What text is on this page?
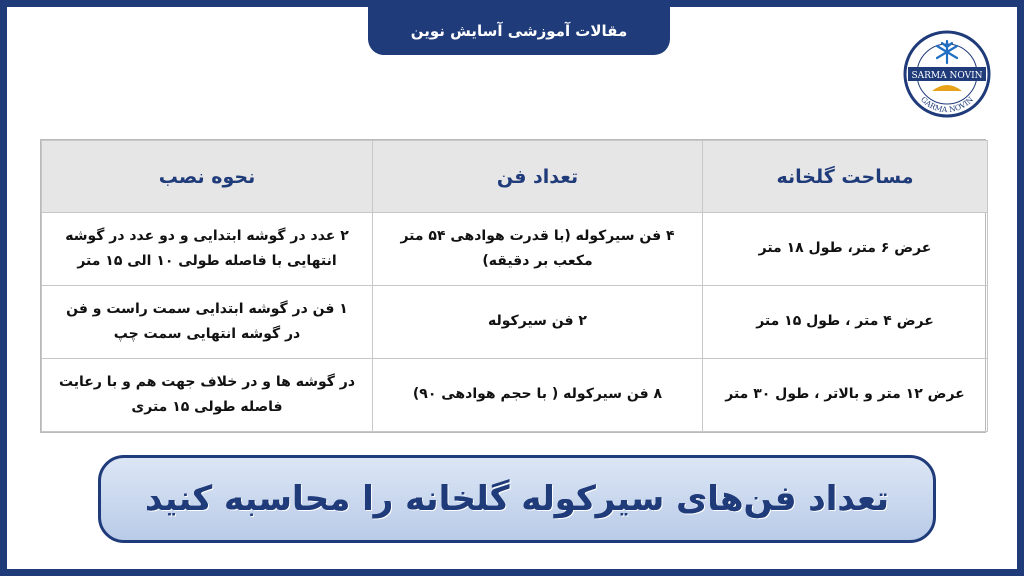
مقالات آموزشی آسایش نوین
SARMA NOVIN
GARMA NOVIN
مساحت گلخانه	تعداد فن	نحوه نصب
عرض ۶ متر، طول ۱۸ متر	۴ فن سیرکوله (با قدرت هوادهی ۵۴ متر مکعب بر دقیقه)	۲ عدد در گوشه ابتدایی و دو عدد در گوشه انتهایی با فاصله طولی ۱۰ الی ۱۵ متر
عرض ۴ متر ، طول ۱۵ متر	۲ فن سیرکوله	۱ فن در گوشه ابتدایی سمت راست و فن در گوشه انتهایی سمت چپ
عرض ۱۲ متر و بالاتر ، طول ۳۰ متر	۸ فن سیرکوله ( با حجم هوادهی ۹۰)	در گوشه ها و در خلاف جهت هم و با رعایت فاصله طولی ۱۵ متری
تعداد فن‌های سیرکوله گلخانه را محاسبه کنید
